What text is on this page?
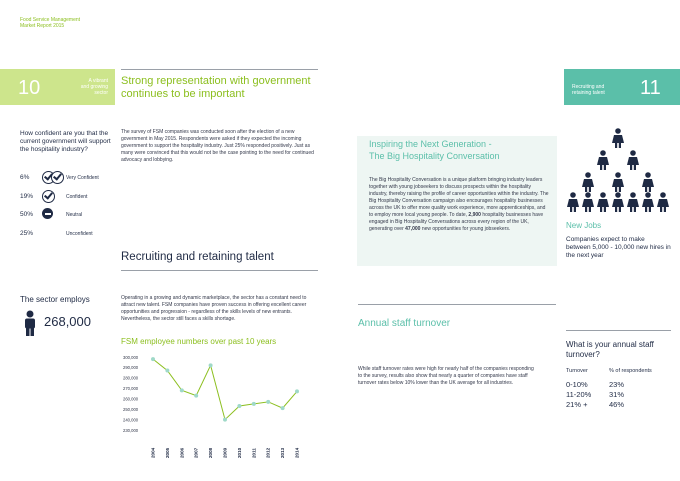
Food Service Management
Market Report 2015
10	A vibrant
and growing
sector
Strong representation with government
continues to be important
How confident are you that the current government will support the hospitality industry?
6%	Very Confident
19%	Confident
50%	Neutral
25%	Unconfident
The survey of FSM companies was conducted soon after the election of a new government in May 2015. Respondents were asked if they expected the incoming government to support the hospitality industry. Just 25% responded positively. Just as many were convinced that this would not be the case pointing to the need for continued advocacy and lobbying.
Recruiting and retaining talent
Operating in a growing and dynamic marketplace, the sector has a constant need to attract new talent. FSM companies have proven success in offering excellent career opportunities and progression - regardless of the skills levels of new entrants. Nevertheless, the sector still faces a skills shortage.
The sector employs
268,000
FSM employee numbers over past 10 years
300,000
290,000
280,000
270,000
260,000
250,000
240,000
230,000
2004 2005 2006 2007 2008 2009 2010 2011 2012 2013 2014
11
Recruiting and
retaining talent
Inspiring the Next Generation -
The Big Hospitality Conversation
The Big Hospitality Conversation is a unique platform bringing industry leaders together with young jobseekers to discuss prospects within the hospitality industry, thereby raising the profile of career opportunities within the industry. The Big Hospitality Conversation campaign also encourages hospitality businesses across the UK to offer more quality work experience, more apprenticeships, and to employ more local young people. To date, 2,900 hospitality businesses have engaged in Big Hospitality Conversations across every region of the UK, generating over 47,000 new opportunities for young jobseekers.	New Jobs
Companies expect to make between 5,000 - 10,000 new hires in the next year
Annual staff turnover
While staff turnover rates were high for nearly half of the companies responding to the survey, results also show that nearly a quarter of companies have staff turnover rates below 10% lower than the UK average for all industries.
What is your annual staff turnover?
Turnover	% of respondents
0-10%	23%
11-20% 31%
21% +	46%
